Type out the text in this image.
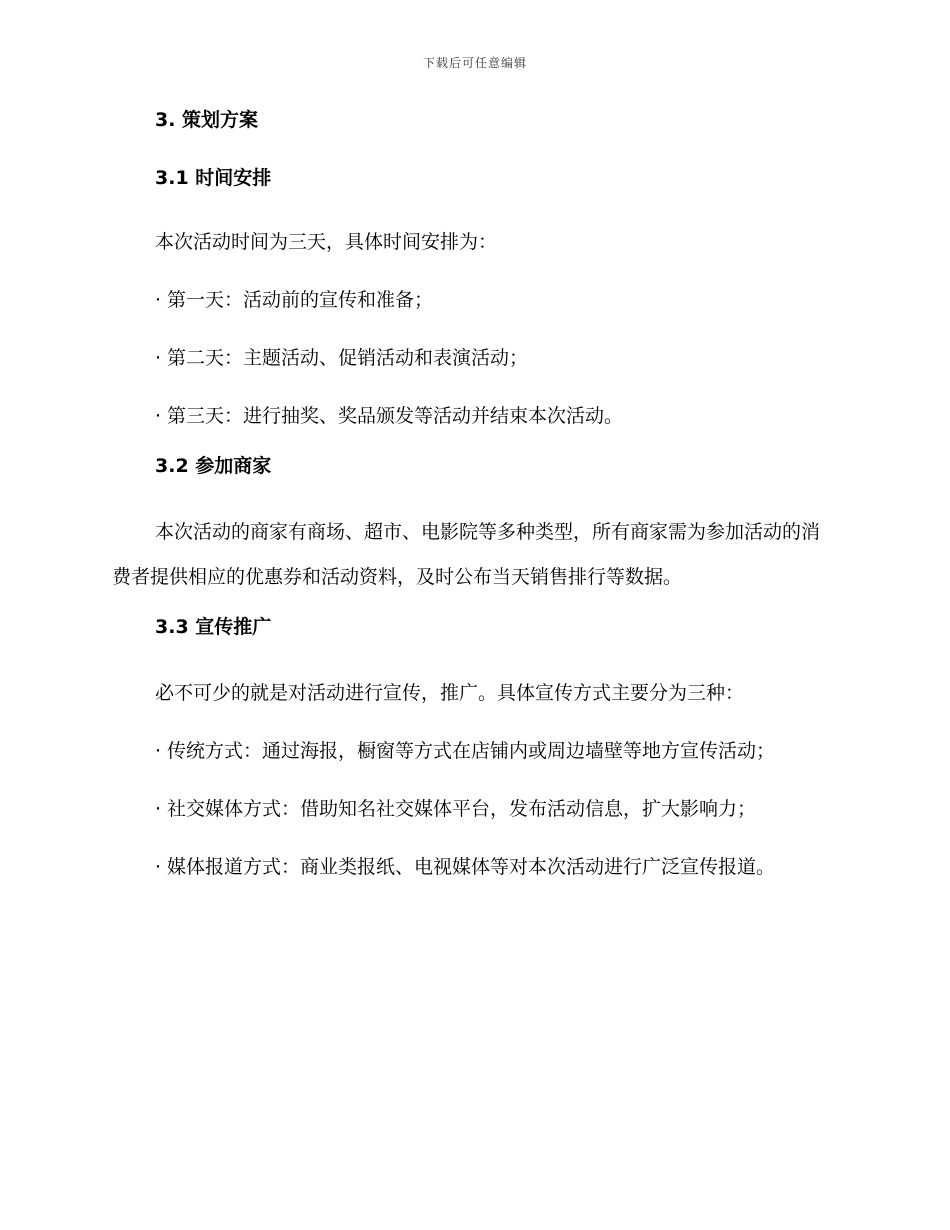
下载后可任意编辑
3. 策划方案
3.1 时间安排
本次活动时间为三天，具体时间安排为：
· 第一天：活动前的宣传和准备；
· 第二天：主题活动、促销活动和表演活动；
· 第三天：进行抽奖、奖品颁发等活动并结束本次活动。
3.2 参加商家
本次活动的商家有商场、超市、电影院等多种类型，所有商家需为参加活动的消费者提供相应的优惠券和活动资料，及时公布当天销售排行等数据。
3.3 宣传推广
必不可少的就是对活动进行宣传，推广。具体宣传方式主要分为三种：
· 传统方式：通过海报，橱窗等方式在店铺内或周边墙壁等地方宣传活动；
· 社交媒体方式：借助知名社交媒体平台，发布活动信息，扩大影响力；
· 媒体报道方式：商业类报纸、电视媒体等对本次活动进行广泛宣传报道。
